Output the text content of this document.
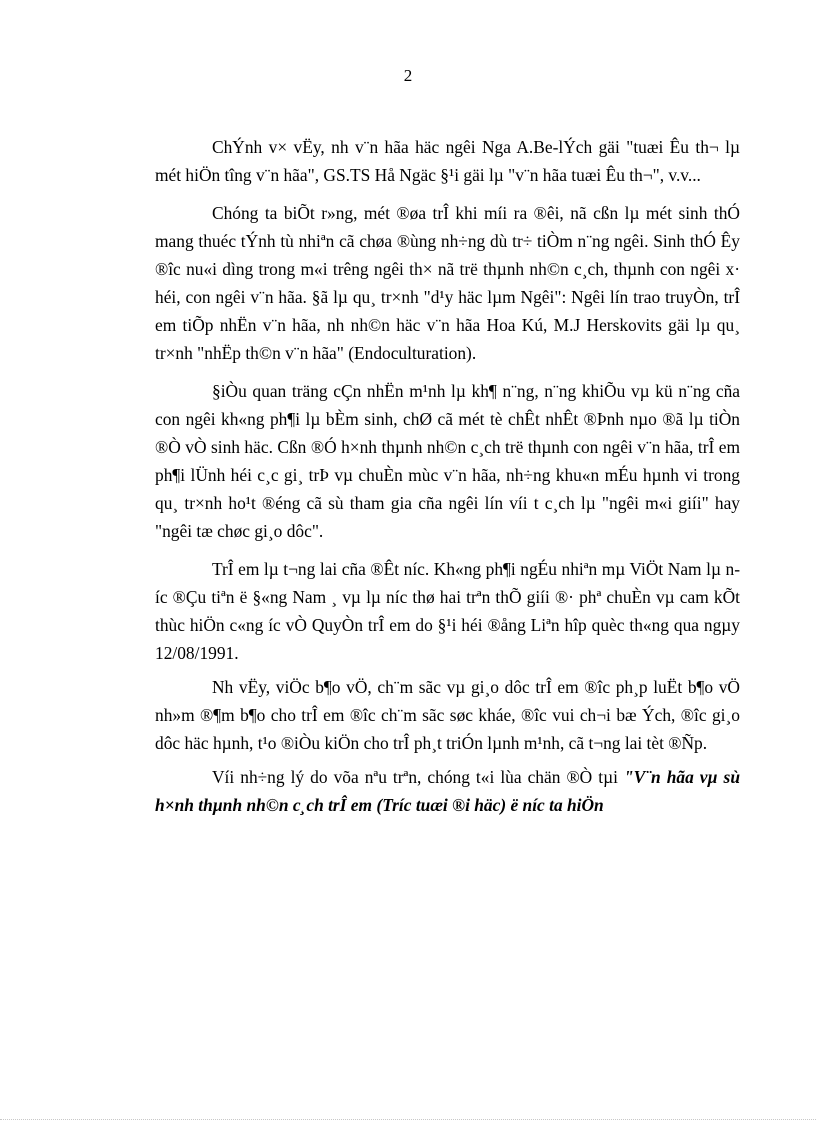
2

ChÝnh v× vËy, nh v¨n hãa häc ngêi Nga A.Be-lÝch gäi "tuæi Êu th¬ lµ mét hiÖn tîng v¨n hãa", GS.TS Hå Ngäc §¹i gäi lµ "v¨n hãa tuæi Êu th¬", v.v...

Chóng ta biÕt r»ng, mét ®øa trÎ khi míi ra ®êi, nã cßn lµ mét sinh thÓ mang thuéc tÝnh tù nhiªn cã chøa ®ùng nh÷ng dù tr÷ tiÒm n¨ng ngêi. Sinh thÓ Êy ®îc nu«i dìng trong m«i trêng ngêi th× nã trë thµnh nh©n c¸ch, thµnh con ngêi x· héi, con ngêi v¨n hãa. §ã lµ qu¸ tr×nh "d¹y häc lµm Ngêi": Ngêi lín trao truyÒn, trÎ em tiÕp nhËn v¨n hãa, nh nh©n häc v¨n hãa Hoa Kú, M.J Herskovits gäi lµ qu¸ tr×nh "nhËp th©n v¨n hãa" (Endoculturation).

§iÒu quan träng cÇn nhËn m¹nh lµ kh¶ n¨ng, n¨ng khiÕu vµ kü n¨ng cña con ngêi kh«ng ph¶i lµ bÈm sinh, chØ cã mét tè chÊt nhÊt ®Þnh nµo ®ã lµ tiÒn ®Ò vÒ sinh häc. Cßn ®Ó h×nh thµnh nh©n c¸ch trë thµnh con ngêi v¨n hãa, trÎ em ph¶i lÜnh héi c¸c gi¸ trÞ vµ chuÈn mùc v¨n hãa, nh÷ng khu«n mÉu hµnh vi trong qu¸ tr×nh ho¹t ®éng cã sù tham gia cña ngêi lín víi t c¸ch lµ "ngêi m«i giíi" hay "ngêi tæ chøc gi¸o dôc".

TrÎ em lµ t¬ng lai cña ®Êt níc. Kh«ng ph¶i ngÉu nhiªn mµ ViÖt Nam lµ níc ®Çu tiªn ë §«ng Nam ¸ vµ lµ níc thø hai trªn thÕ giíi ®· phª chuÈn vµ cam kÕt thùc hiÖn c«ng íc vÒ QuyÒn trÎ em do §¹i héi ®ång Liªn hîp quèc th«ng qua ngµy 12/08/1991.

Nh vËy, viÖc b¶o vÖ, ch¨m sãc vµ gi¸o dôc trÎ em ®îc ph¸p luËt b¶o vÖ nh»m ®¶m b¶o cho trÎ em ®îc ch¨m sãc søc kháe, ®îc vui ch¬i bæ Ých, ®îc gi¸o dôc häc hµnh, t¹o ®iÒu kiÖn cho trÎ ph¸t triÓn lµnh m¹nh, cã t¬ng lai tèt ®Ñp.

Víi nh÷ng lý do võa nªu trªn, chóng t«i lùa chän ®Ò tµi "V¨n hãa vµ sù h×nh thµnh nh©n c¸ch trÎ em (Tríc tuæi ®i häc) ë níc ta hiÖn
